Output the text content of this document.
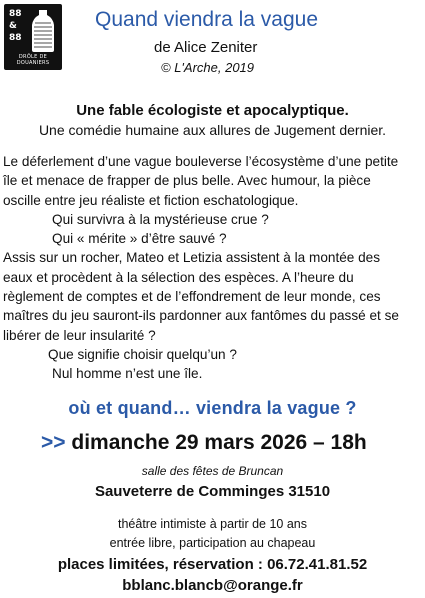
88
&
88
DRÔLE DE DOUANIERS
Quand viendra la vague
de Alice Zeniter
© L'Arche, 2019
Une fable écologiste et apocalyptique.
Une comédie humaine aux allures de Jugement dernier.
Le déferlement d’une vague bouleverse l’écosystème d’une petite
île et menace de frapper de plus belle. Avec humour, la pièce
oscille entre jeu réaliste et fiction eschatologique.
Qui survivra à la mystérieuse crue ?
Qui « mérite » d’être sauvé ?
Assis sur un rocher, Mateo et Letizia assistent à la montée des
eaux et procèdent à la sélection des espèces. A l’heure du
règlement de comptes et de l’effondrement de leur monde, ces
maîtres du jeu sauront-ils pardonner aux fantômes du passé et se
libérer de leur insularité ?
Que signifie choisir quelqu’un ?
Nul homme n’est une île.
où et quand… viendra la vague ?
>> dimanche 29 mars 2026 – 18h
salle des fêtes de Bruncan
Sauveterre de Comminges 31510
théâtre intimiste à partir de 10 ans
entrée libre, participation au chapeau
places limitées, réservation : 06.72.41.81.52
bblanc.blancb@orange.fr
